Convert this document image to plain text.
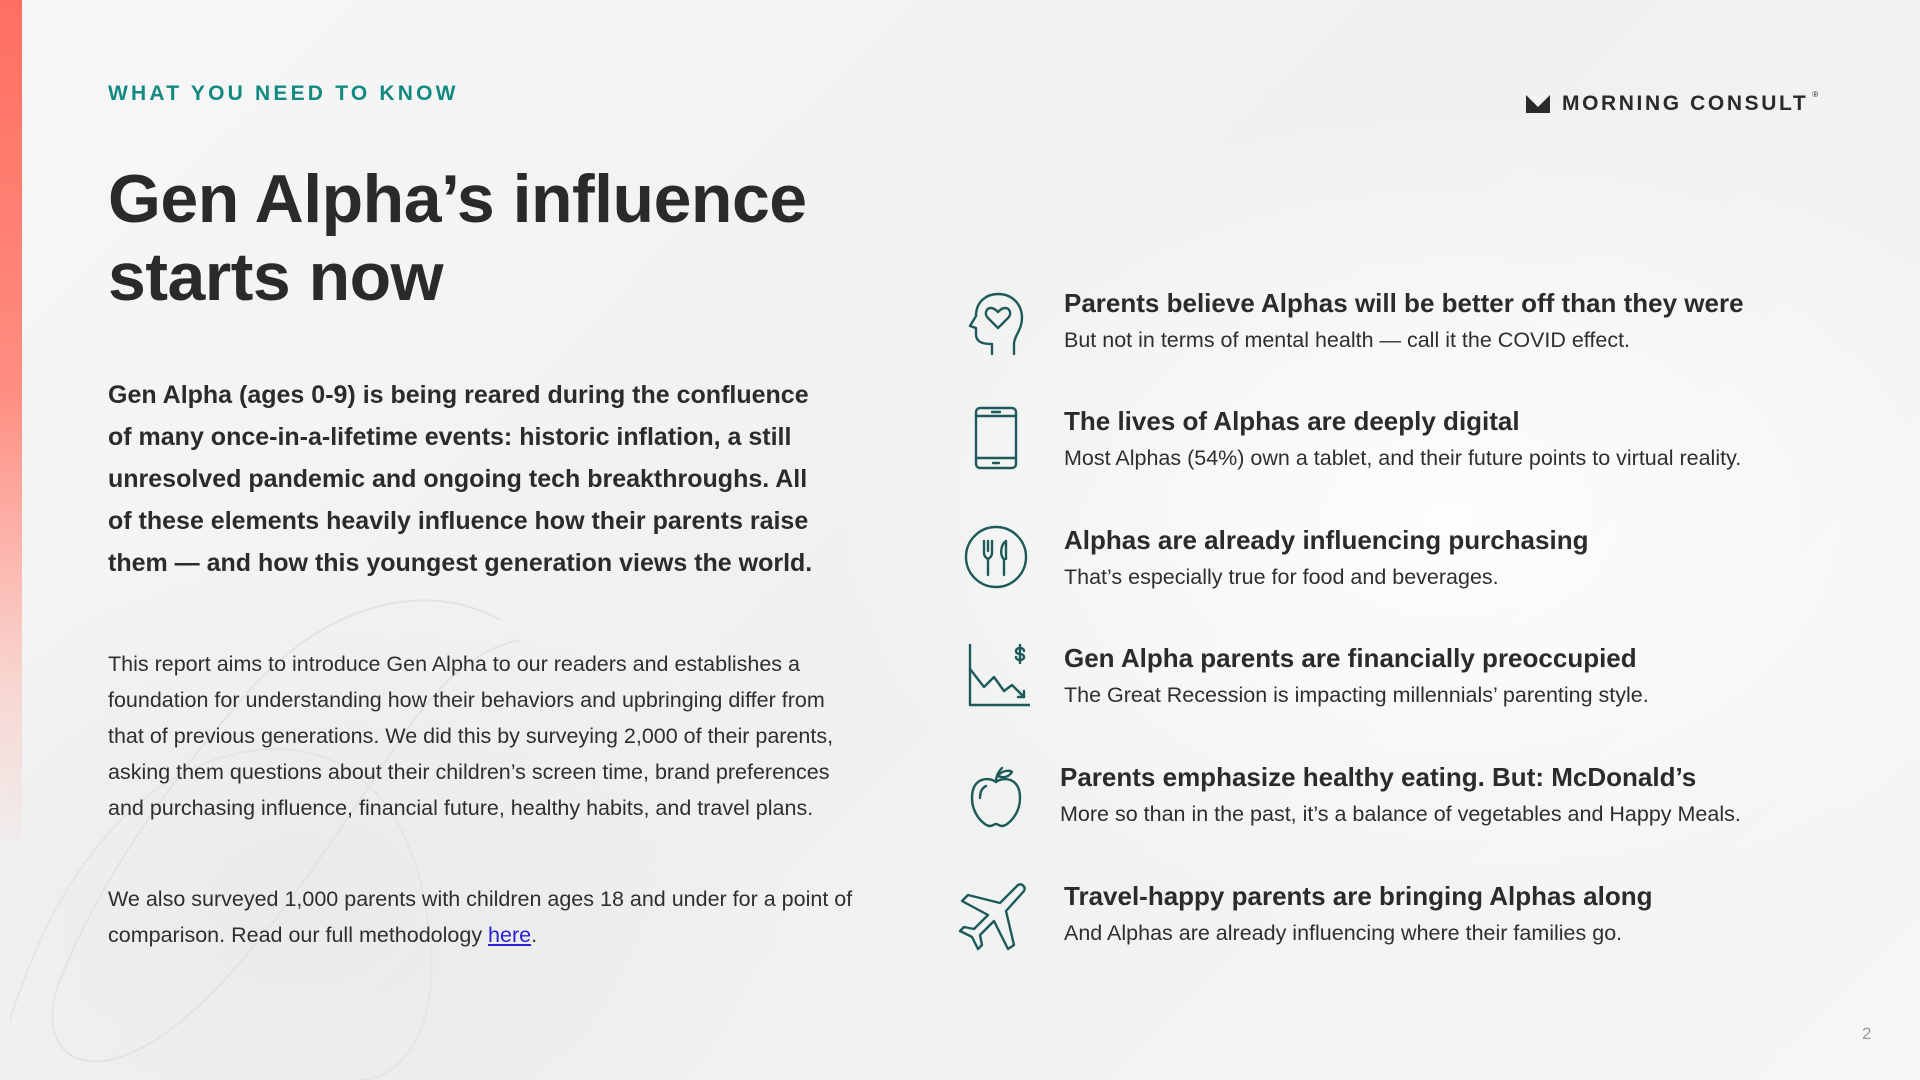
WHAT YOU NEED TO KNOW	MORNING CONSULT ®
Gen Alpha’s influence
starts now

Gen Alpha (ages 0-9) is being reared during the confluence of many once-in-a-lifetime events: historic inflation, a still unresolved pandemic and ongoing tech breakthroughs. All of these elements heavily influence how their parents raise them — and how this youngest generation views the world.

This report aims to introduce Gen Alpha to our readers and establishes a foundation for understanding how their behaviors and upbringing differ from that of previous generations. We did this by surveying 2,000 of their parents, asking them questions about their children’s screen time, brand preferences and purchasing influence, financial future, healthy habits, and travel plans.

We also surveyed 1,000 parents with children ages 18 and under for a point of comparison. Read our full methodology here.

Parents believe Alphas will be better off than they were
But not in terms of mental health — call it the COVID effect.
The lives of Alphas are deeply digital
Most Alphas (54%) own a tablet, and their future points to virtual reality.
Alphas are already influencing purchasing
That’s especially true for food and beverages.
Gen Alpha parents are financially preoccupied
The Great Recession is impacting millennials’ parenting style.
Parents emphasize healthy eating. But: McDonald’s
More so than in the past, it’s a balance of vegetables and Happy Meals.
Travel-happy parents are bringing Alphas along
And Alphas are already influencing where their families go.
2
